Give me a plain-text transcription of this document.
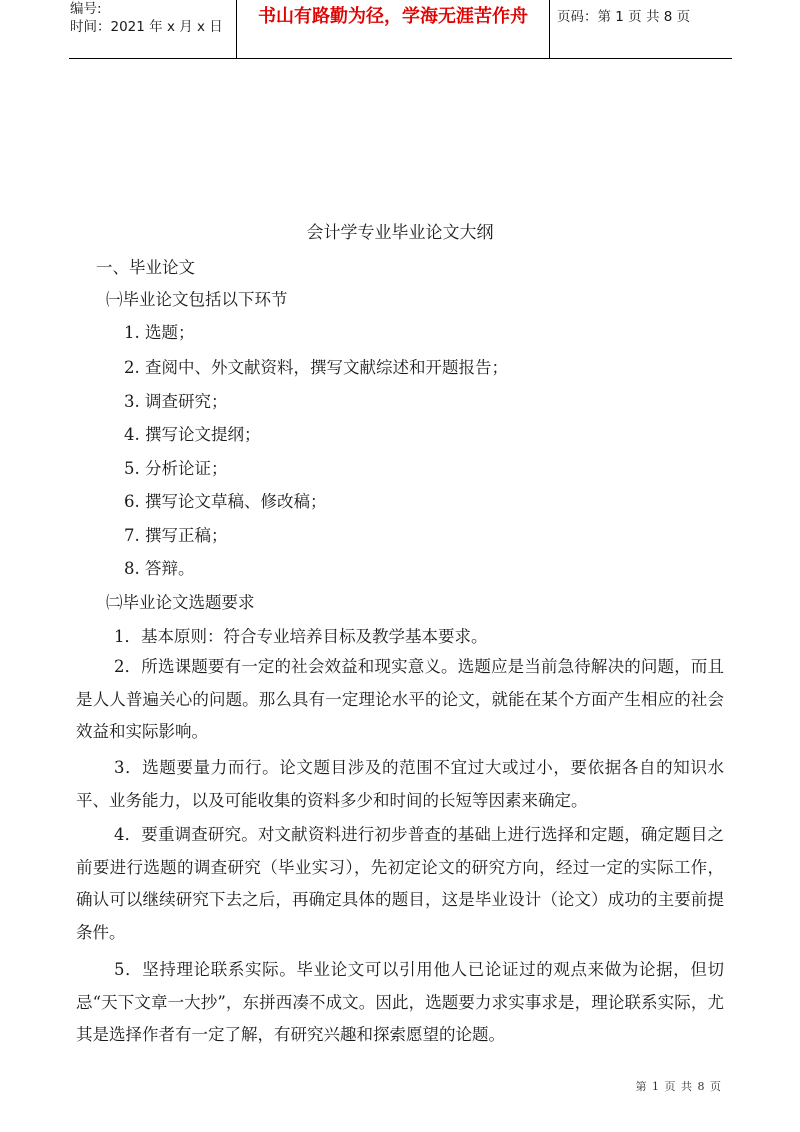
编号:
时间：2021 年 x 月 x 日	书山有路勤为径，学海无涯苦作舟	页码：第 1 页 共 8 页
会计学专业毕业论文大纲
一、毕业论文
㈠毕业论文包括以下环节
1. 选题；
2. 查阅中、外文献资料，撰写文献综述和开题报告；
3. 调查研究；
4. 撰写论文提纲；
5. 分析论证；
6. 撰写论文草稿、修改稿；
7. 撰写正稿；
8. 答辩。
㈡毕业论文选题要求
1．基本原则：符合专业培养目标及教学基本要求。
2．所选课题要有一定的社会效益和现实意义。选题应是当前急待解决的问题，而且是人人普遍关心的问题。那么具有一定理论水平的论文，就能在某个方面产生相应的社会效益和实际影响。
3．选题要量力而行。论文题目涉及的范围不宜过大或过小，要依据各自的知识水平、业务能力，以及可能收集的资料多少和时间的长短等因素来确定。
4．要重调查研究。对文献资料进行初步普查的基础上进行选择和定题，确定题目之前要进行选题的调查研究（毕业实习），先初定论文的研究方向，经过一定的实际工作，确认可以继续研究下去之后，再确定具体的题目，这是毕业设计（论文）成功的主要前提条件。
5．坚持理论联系实际。毕业论文可以引用他人已论证过的观点来做为论据，但切忌“天下文章一大抄”，东拼西凑不成文。因此，选题要力求实事求是，理论联系实际，尤其是选择作者有一定了解，有研究兴趣和探索愿望的论题。
第 1 页 共 8 页
